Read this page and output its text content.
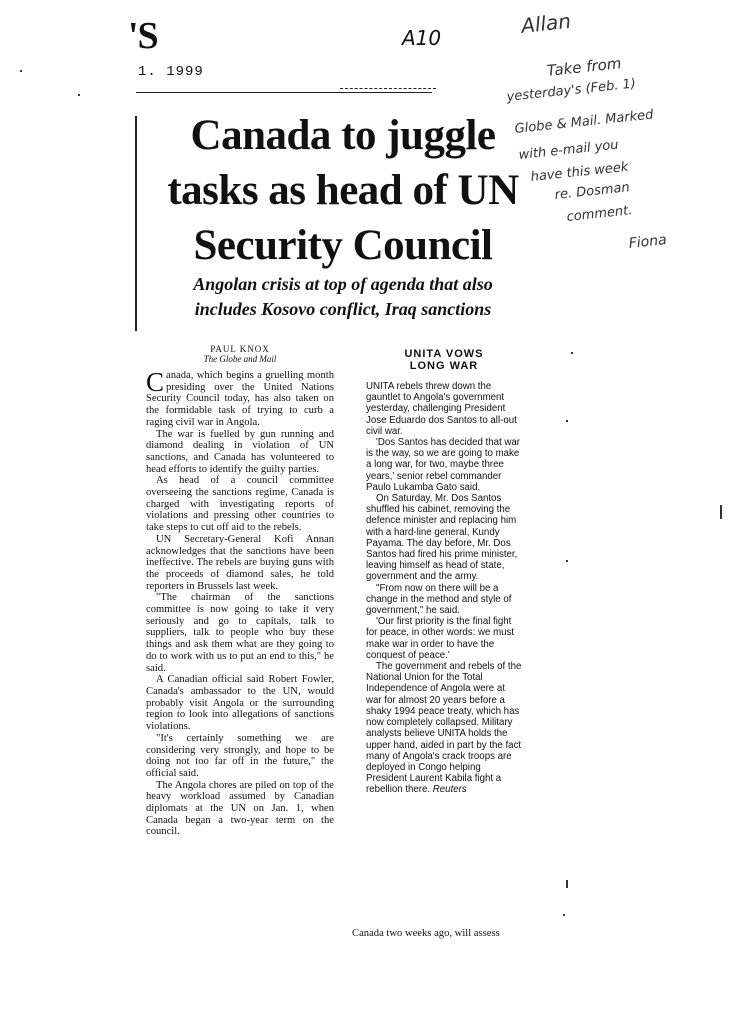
'S
1. 1999
A10
Allan
Take from
yesterday's (Feb. 1)
Globe & Mail. Marked
with e-mail you
have this week
re. Dosman
comment.
Fiona
Canada to juggle
tasks as head of UN
Security Council
Angolan crisis at top of agenda that also
includes Kosovo conflict, Iraq sanctions
PAUL KNOX
The Globe and Mail

Canada, which begins a gruelling month presiding over the United Nations Security Council today, has also taken on the formidable task of trying to curb a raging civil war in Angola.

The war is fuelled by gun running and diamond dealing in violation of UN sanctions, and Canada has volunteered to head efforts to identify the guilty parties.

As head of a council committee overseeing the sanctions regime, Canada is charged with investigating reports of violations and pressing other countries to take steps to cut off aid to the rebels.

UN Secretary-General Kofi Annan acknowledges that the sanctions have been ineffective. The rebels are buying guns with the proceeds of diamond sales, he told reporters in Brussels last week.

"The chairman of the sanctions committee is now going to take it very seriously and go to capitals, talk to suppliers, talk to people who buy these things and ask them what are they going to do to work with us to put an end to this," he said.

A Canadian official said Robert Fowler, Canada's ambassador to the UN, would probably visit Angola or the surrounding region to look into allegations of sanctions violations.

"It's certainly something we are considering very strongly, and hope to be doing not too far off in the future," the official said.

The Angola chores are piled on top of the heavy workload assumed by Canadian diplomats at the UN on Jan. 1, when Canada began a two-year term on the council.

UNITA VOWS
LONG WAR

UNITA rebels threw down the gauntlet to Angola's government yesterday, challenging President Jose Eduardo dos Santos to all-out civil war.

'Dos Santos has decided that war is the way, so we are going to make a long war, for two, maybe three years,' senior rebel commander Paulo Lukamba Gato said.

On Saturday, Mr. Dos Santos shuffled his cabinet, removing the defence minister and replacing him with a hard-line general, Kundy Payama. The day before, Mr. Dos Santos had fired his prime minister, leaving himself as head of state, government and the army.

"From now on there will be a change in the method and style of government," he said.

'Our first priority is the final fight for peace, in other words: we must make war in order to have the conquest of peace.'

The government and rebels of the National Union for the Total Independence of Angola were at war for almost 20 years before a shaky 1994 peace treaty, which has now completely collapsed. Military analysts believe UNITA holds the upper hand, aided in part by the fact many of Angola's crack troops are deployed in Congo helping President Laurent Kabila fight a rebellion there. Reuters

Canada two weeks ago, will assess
